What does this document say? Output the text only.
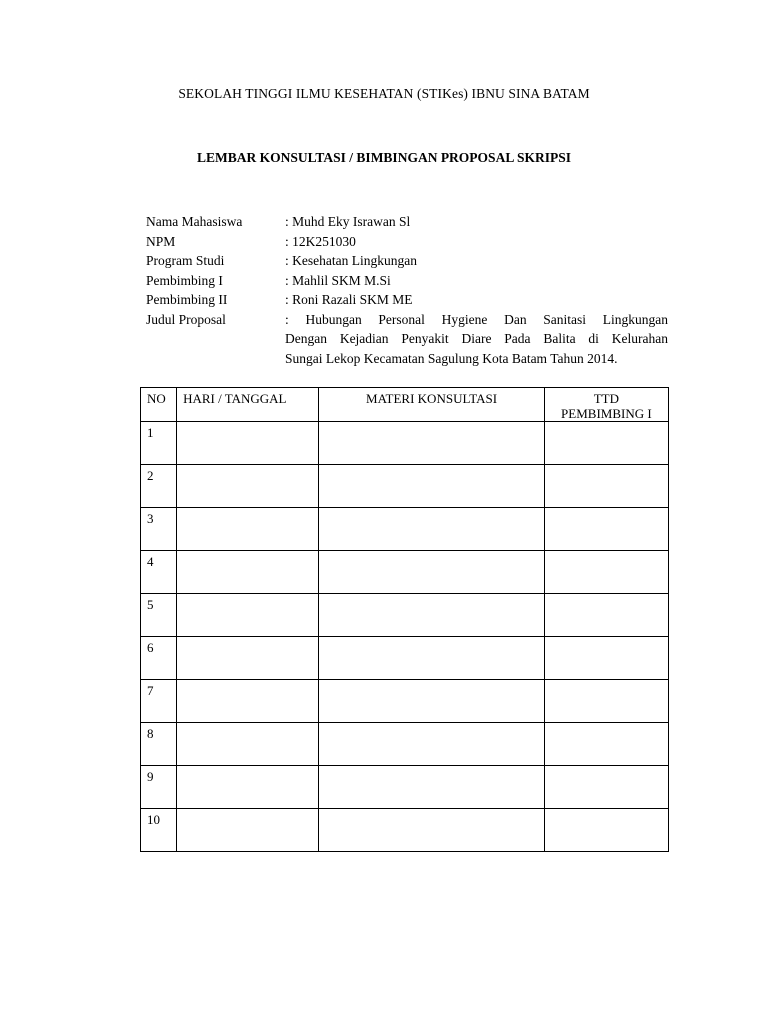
SEKOLAH TINGGI ILMU KESEHATAN (STIKes) IBNU SINA BATAM
LEMBAR KONSULTASI / BIMBINGAN PROPOSAL SKRIPSI
Nama Mahasiswa	: Muhd Eky Israwan Sl
NPM	: 12K251030
Program Studi	: Kesehatan Lingkungan
Pembimbing I	: Mahlil SKM M.Si
Pembimbing II	: Roni Razali SKM ME
Judul Proposal	: Hubungan Personal Hygiene Dan Sanitasi Lingkungan
Dengan Kejadian Penyakit Diare Pada Balita di Kelurahan
Sungai Lekop Kecamatan Sagulung Kota Batam Tahun 2014.
NO	HARI / TANGGAL	MATERI KONSULTASI	TTD
PEMBIMBING I
1			
2			
3			
4			
5			
6			
7			
8			
9			
10			
